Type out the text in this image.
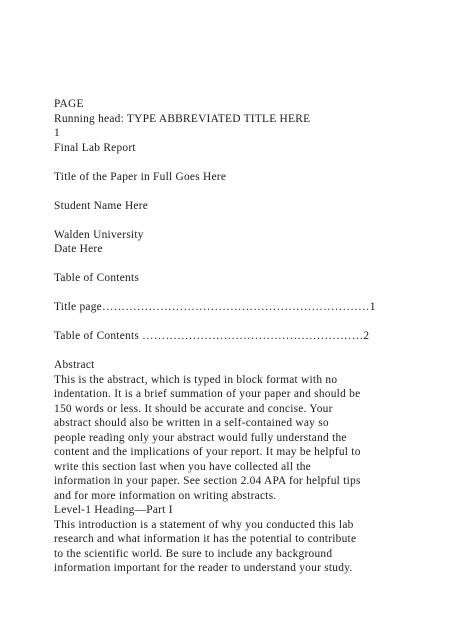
PAGE
Running head: TYPE ABBREVIATED TITLE HERE
1
Final Lab Report
Title of the Paper in Full Goes Here
Student Name Here
Walden University
Date Here
Table of Contents
Title page……………………………………………………………1
Table of Contents …………………………………………………2
Abstract
This is the abstract, which is typed in block format with no
indentation. It is a brief summation of your paper and should be
150 words or less. It should be accurate and concise. Your
abstract should also be written in a self-contained way so
people reading only your abstract would fully understand the
content and the implications of your report. It may be helpful to
write this section last when you have collected all the
information in your paper. See section 2.04 APA for helpful tips
and for more information on writing abstracts.
Level-1 Heading—Part I
This introduction is a statement of why you conducted this lab
research and what information it has the potential to contribute
to the scientific world. Be sure to include any background
information important for the reader to understand your study.
